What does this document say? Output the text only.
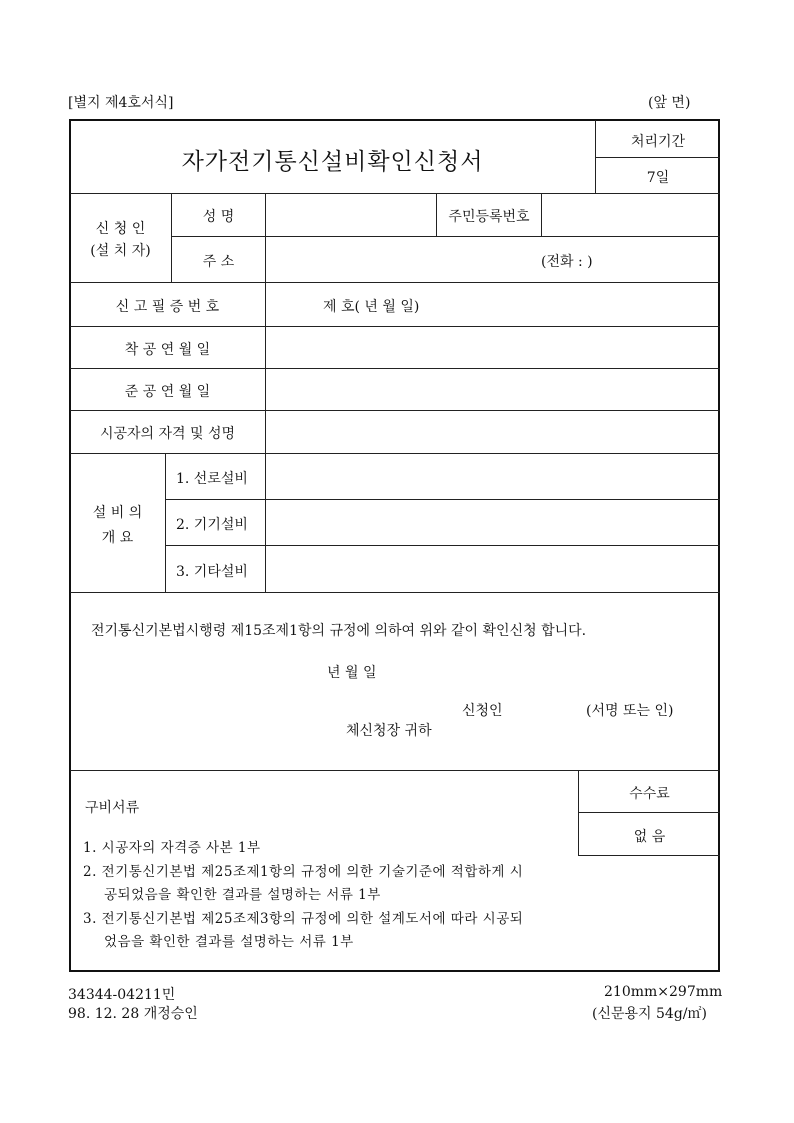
[별지 제4호서식]	(앞 면)
자가전기통신설비확인신청서
처리기간
7일
신 청 인
(설 치 자)
성 명	주민등록번호
주 소	(전화 : )
신 고 필 증 번 호	제 호( 년 월 일)
착 공 연 월 일
준 공 연 월 일
시공자의 자격 및 성명
설 비 의
개 요
1. 선로설비
2. 기기설비
3. 기타설비
전기통신기본법시행령 제15조제1항의 규정에 의하여 위와 같이 확인신청 합니다.
년 월 일
신청인	(서명 또는 인)
체신청장 귀하
구비서류
1. 시공자의 자격증 사본 1부
2. 전기통신기본법 제25조제1항의 규정에 의한 기술기준에 적합하게 시
공되었음을 확인한 결과를 설명하는 서류 1부
3. 전기통신기본법 제25조제3항의 규정에 의한 설계도서에 따라 시공되
었음을 확인한 결과를 설명하는 서류 1부
수수료
없 음
34344-04211민
98. 12. 28 개정승인
210mm×297mm
(신문용지 54g/㎡)
